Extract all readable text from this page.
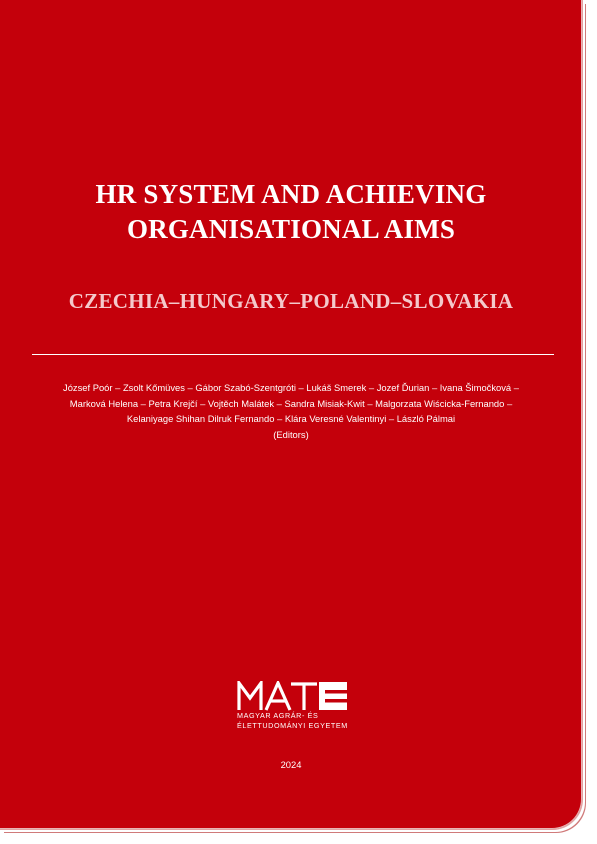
HR SYSTEM AND ACHIEVING
ORGANISATIONAL AIMS
CZECHIA–HUNGARY–POLAND–SLOVAKIA
József Poór – Zsolt Kőmüves – Gábor Szabó-Szentgróti – Lukáš Smerek – Jozef Ďurian – Ivana Šimočková –
Marková Helena – Petra Krejčí – Vojtěch Malátek – Sandra Misiak-Kwit – Malgorzata Wiścicka-Fernando –
Kelaniyage Shihan Dilruk Fernando – Klára Veresné Valentinyi – László Pálmai
(Editors)
MAGYAR AGRÁR- ÉS
ÉLETTUDOMÁNYI EGYETEM
2024
